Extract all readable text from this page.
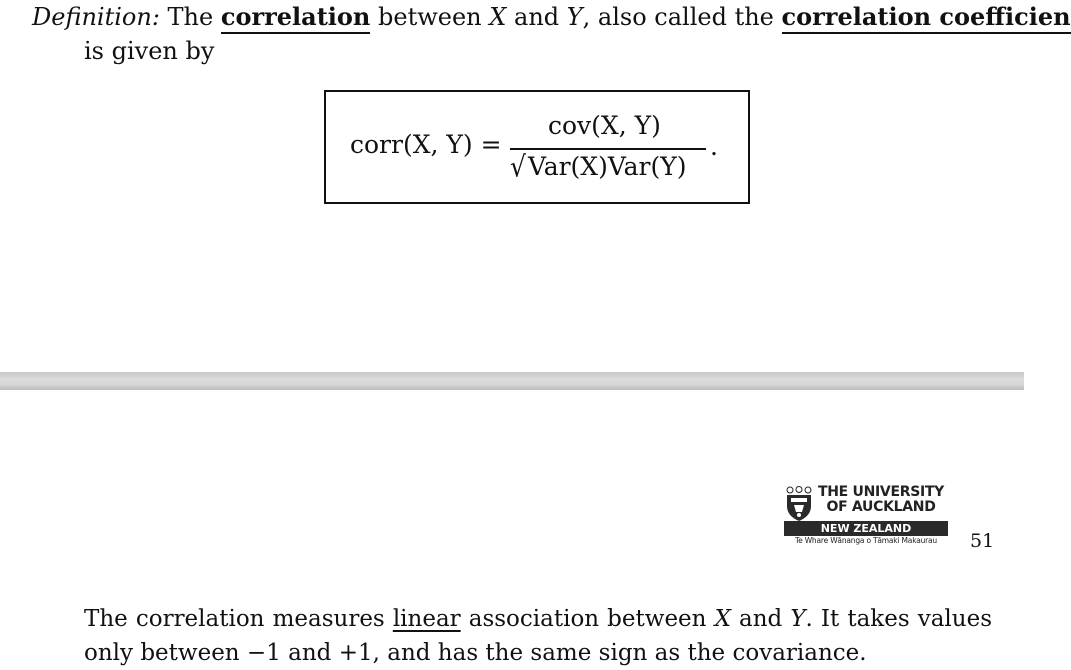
Definition: The correlation between X and Y, also called the correlation coefficien
is given by
corr(X, Y) =
cov(X, Y)
√Var(X)Var(Y)
.
THE UNIVERSITY
OF AUCKLAND
NEW ZEALAND
Te Whare Wānanga o Tāmaki Makaurau	51
The correlation measures linear association between X and Y. It takes values
only between −1 and +1, and has the same sign as the covariance.
